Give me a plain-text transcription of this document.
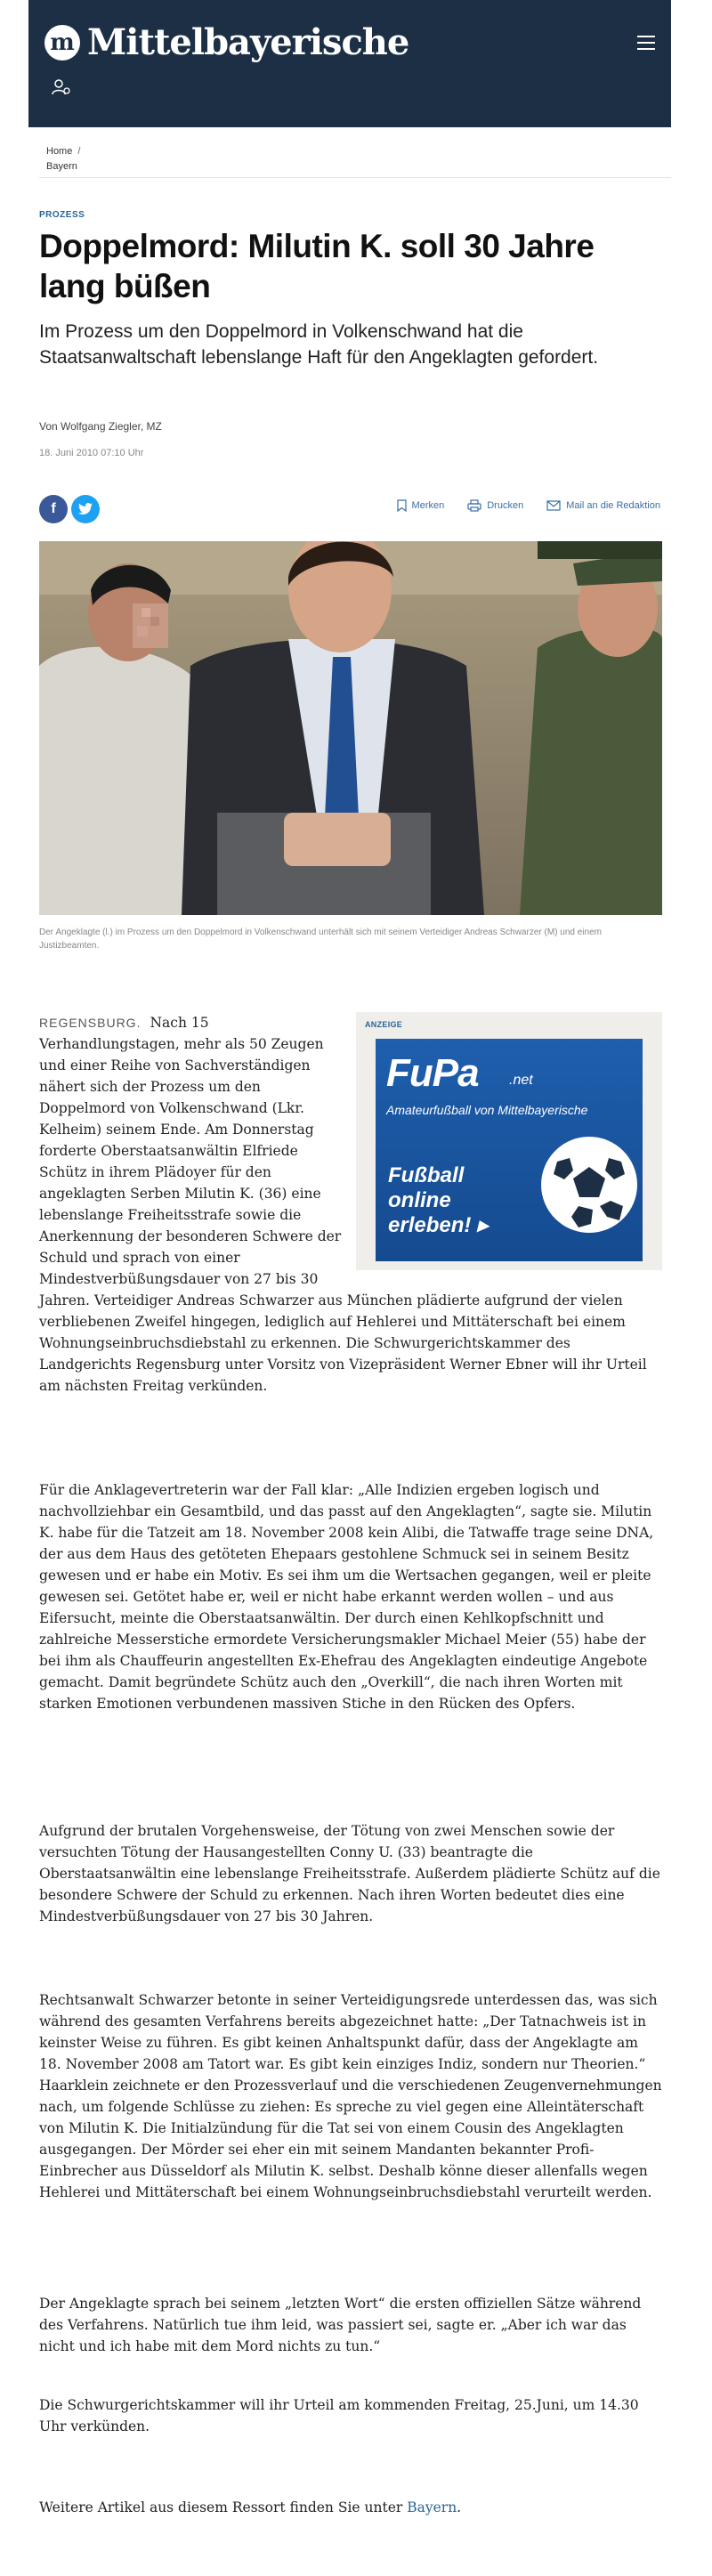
m Mittelbayerische
Home /
Bayern
PROZESS
Doppelmord: Milutin K. soll 30 Jahre lang büßen

Im Prozess um den Doppelmord in Volkenschwand hat die Staatsanwaltschaft lebenslange Haft für den Angeklagten gefordert.

Von Wolfgang Ziegler, MZ
18. Juni 2010 07:10 Uhr
f	Merken	Drucken	Mail an die Redaktion
Der Angeklagte (l.) im Prozess um den Doppelmord in Volkenschwand unterhält sich mit seinem Verteidiger Andreas Schwarzer (M) und einem Justizbeamten.
REGENSBURG. Nach 15 Verhandlungstagen, mehr als 50 Zeugen und einer Reihe von Sachverständigen nähert sich der Prozess um den Doppelmord von Volkenschwand (Lkr. Kelheim) seinem Ende. Am Donnerstag forderte Oberstaatsanwältin Elfriede Schütz in ihrem Plädoyer für den angeklagten Serben Milutin K. (36) eine lebenslange Freiheitsstrafe sowie die Anerkennung der besonderen Schwere der Schuld und sprach von einer Mindestverbüßungsdauer von 27 bis 30 Jahren. Verteidiger Andreas Schwarzer aus München plädierte aufgrund der vielen verbliebenen Zweifel hingegen, lediglich auf Hehlerei und Mittäterschaft bei einem Wohnungseinbruchsdiebstahl zu erkennen. Die Schwurgerichtskammer des Landgerichts Regensburg unter Vorsitz von Vizepräsident Werner Ebner will ihr Urteil am nächsten Freitag verkünden.
ANZEIGE
FuPa .net
Amateurfußball von Mittelbayerische
Fußball online erleben! ▸

Für die Anklagevertreterin war der Fall klar: „Alle Indizien ergeben logisch und nachvollziehbar ein Gesamtbild, und das passt auf den Angeklagten“, sagte sie. Milutin K. habe für die Tatzeit am 18. November 2008 kein Alibi, die Tatwaffe trage seine DNA, der aus dem Haus des getöteten Ehepaars gestohlene Schmuck sei in seinem Besitz gewesen und er habe ein Motiv. Es sei ihm um die Wertsachen gegangen, weil er pleite gewesen sei. Getötet habe er, weil er nicht habe erkannt werden wollen – und aus Eifersucht, meinte die Oberstaatsanwältin. Der durch einen Kehlkopfschnitt und zahlreiche Messerstiche ermordete Versicherungsmakler Michael Meier (55) habe der bei ihm als Chauffeurin angestellten Ex-Ehefrau des Angeklagten eindeutige Angebote gemacht. Damit begründete Schütz auch den „Overkill“, die nach ihren Worten mit starken Emotionen verbundenen massiven Stiche in den Rücken des Opfers.

Aufgrund der brutalen Vorgehensweise, der Tötung von zwei Menschen sowie der versuchten Tötung der Hausangestellten Conny U. (33) beantragte die Oberstaatsanwältin eine lebenslange Freiheitsstrafe. Außerdem plädierte Schütz auf die besondere Schwere der Schuld zu erkennen. Nach ihren Worten bedeutet dies eine Mindestverbüßungsdauer von 27 bis 30 Jahren.

Rechtsanwalt Schwarzer betonte in seiner Verteidigungsrede unterdessen das, was sich während des gesamten Verfahrens bereits abgezeichnet hatte: „Der Tatnachweis ist in keinster Weise zu führen. Es gibt keinen Anhaltspunkt dafür, dass der Angeklagte am 18. November 2008 am Tatort war. Es gibt kein einziges Indiz, sondern nur Theorien.“ Haarklein zeichnete er den Prozessverlauf und die verschiedenen Zeugenvernehmungen nach, um folgende Schlüsse zu ziehen: Es spreche zu viel gegen eine Alleintäterschaft von Milutin K. Die Initialzündung für die Tat sei von einem Cousin des Angeklagten ausgegangen. Der Mörder sei eher ein mit seinem Mandanten bekannter Profi-Einbrecher aus Düsseldorf als Milutin K. selbst. Deshalb könne dieser allenfalls wegen Hehlerei und Mittäterschaft bei einem Wohnungseinbruchsdiebstahl verurteilt werden.

Der Angeklagte sprach bei seinem „letzten Wort“ die ersten offiziellen Sätze während des Verfahrens. Natürlich tue ihm leid, was passiert sei, sagte er. „Aber ich war das nicht und ich habe mit dem Mord nichts zu tun.“

Die Schwurgerichtskammer will ihr Urteil am kommenden Freitag, 25.Juni, um 14.30 Uhr verkünden.

Weitere Artikel aus diesem Ressort finden Sie unter Bayern.
